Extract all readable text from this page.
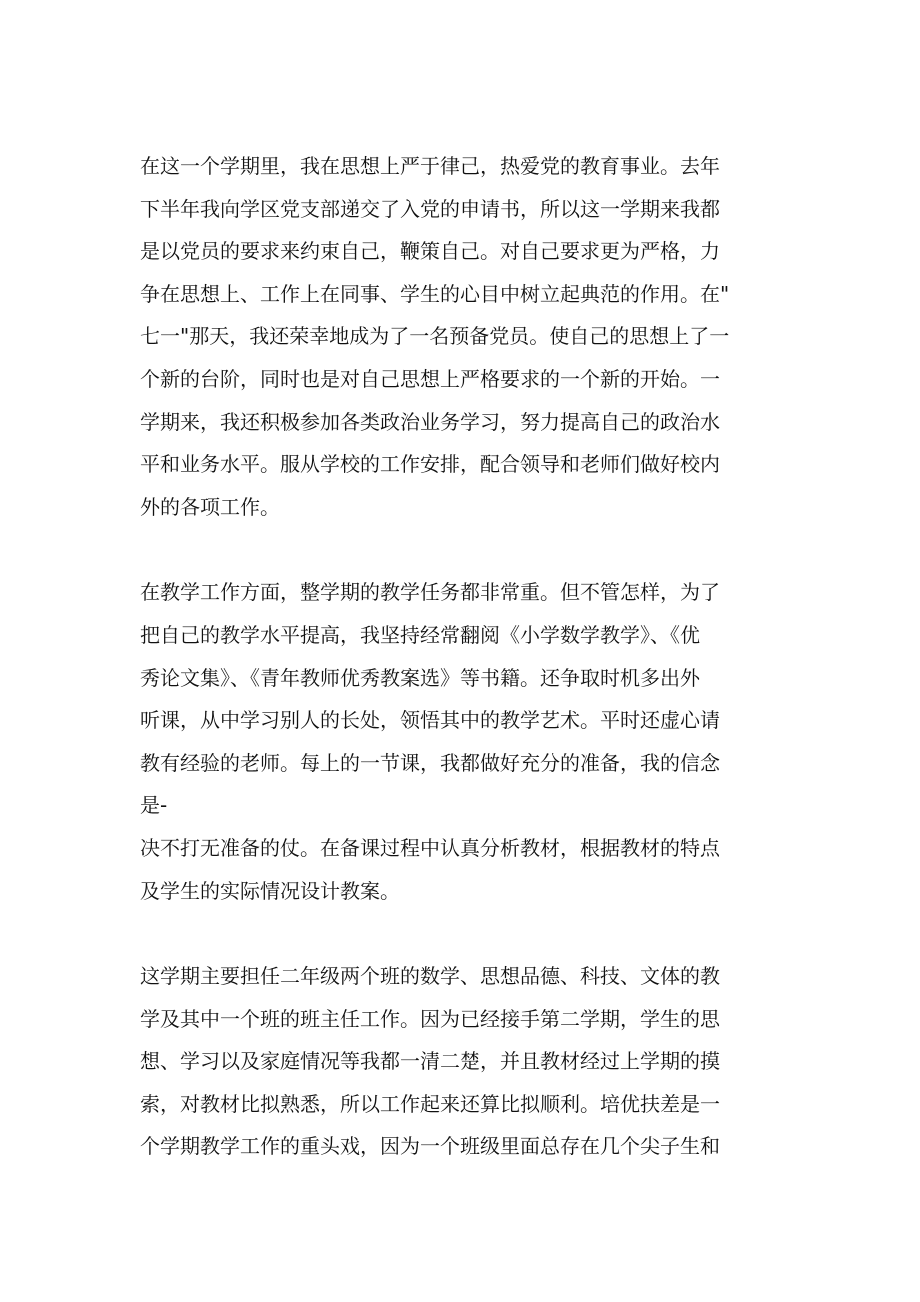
在这一个学期里，我在思想上严于律己，热爱党的教育事业。去年
下半年我向学区党支部递交了入党的申请书，所以这一学期来我都
是以党员的要求来约束自己，鞭策自己。对自己要求更为严格，力
争在思想上、工作上在同事、学生的心目中树立起典范的作用。在"
七一"那天，我还荣幸地成为了一名预备党员。使自己的思想上了一
个新的台阶，同时也是对自己思想上严格要求的一个新的开始。一
学期来，我还积极参加各类政治业务学习，努力提高自己的政治水
平和业务水平。服从学校的工作安排，配合领导和老师们做好校内
外的各项工作。
在教学工作方面，整学期的教学任务都非常重。但不管怎样，为了
把自己的教学水平提高，我坚持经常翻阅《小学数学教学》、《优
秀论文集》、《青年教师优秀教案选》等书籍。还争取时机多出外
听课，从中学习别人的长处，领悟其中的教学艺术。平时还虚心请
教有经验的老师。每上的一节课，我都做好充分的准备，我的信念
是-
决不打无准备的仗。在备课过程中认真分析教材，根据教材的特点
及学生的实际情况设计教案。
这学期主要担任二年级两个班的数学、思想品德、科技、文体的教
学及其中一个班的班主任工作。因为已经接手第二学期，学生的思
想、学习以及家庭情况等我都一清二楚，并且教材经过上学期的摸
索，对教材比拟熟悉，所以工作起来还算比拟顺利。培优扶差是一
个学期教学工作的重头戏，因为一个班级里面总存在几个尖子生和
